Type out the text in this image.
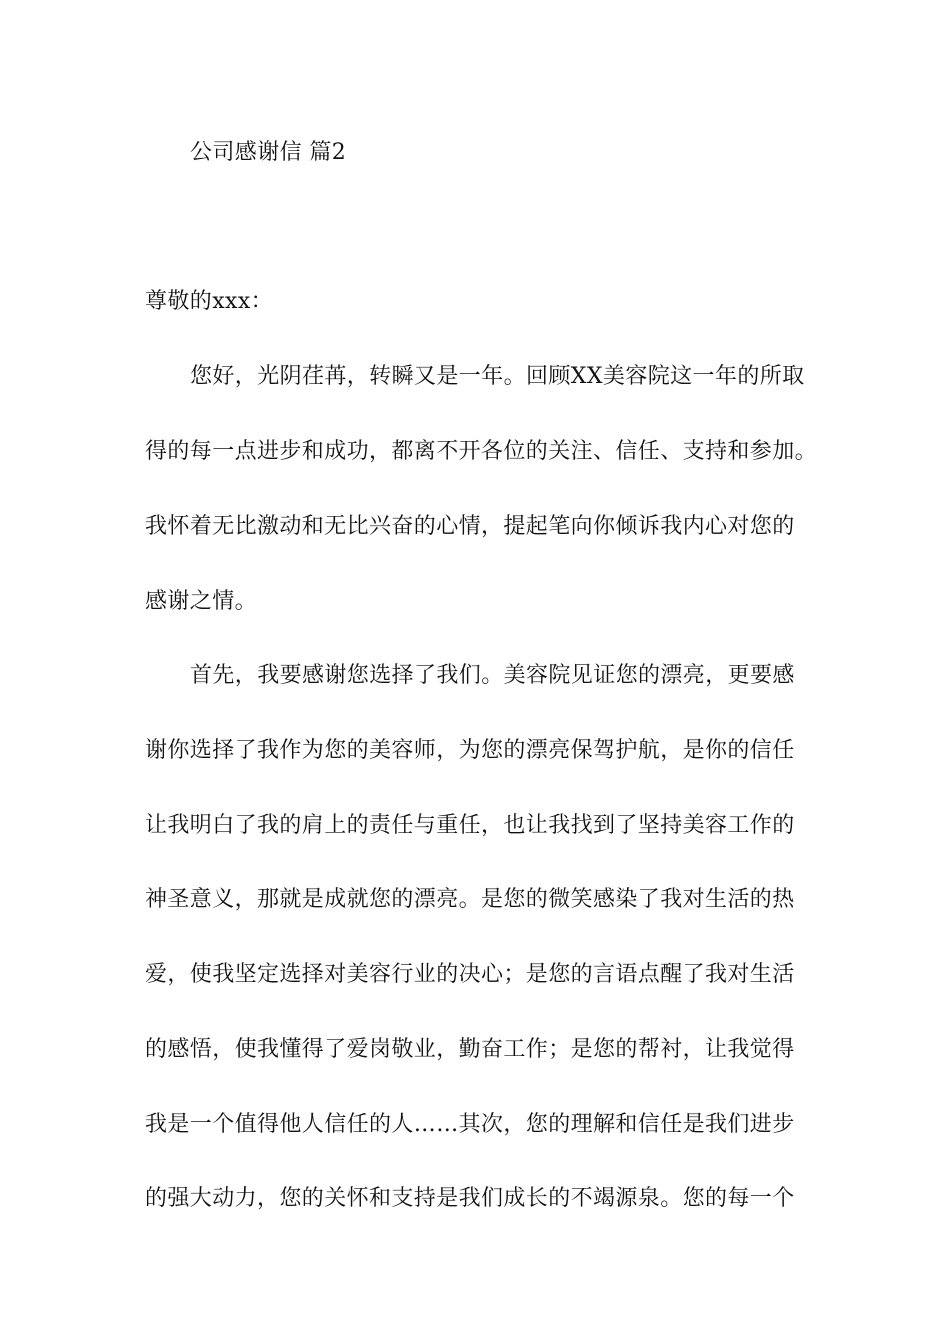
公司感谢信 篇2
尊敬的xxx：
您好，光阴荏苒，转瞬又是一年。回顾XX美容院这一年的所取
得的每一点进步和成功，都离不开各位的关注、信任、支持和参加。
我怀着无比激动和无比兴奋的心情，提起笔向你倾诉我内心对您的
感谢之情。
首先，我要感谢您选择了我们。美容院见证您的漂亮，更要感
谢你选择了我作为您的美容师，为您的漂亮保驾护航，是你的信任
让我明白了我的肩上的责任与重任，也让我找到了坚持美容工作的
神圣意义，那就是成就您的漂亮。是您的微笑感染了我对生活的热
爱，使我坚定选择对美容行业的决心；是您的言语点醒了我对生活
的感悟，使我懂得了爱岗敬业，勤奋工作；是您的帮衬，让我觉得
我是一个值得他人信任的人……其次，您的理解和信任是我们进步
的强大动力，您的关怀和支持是我们成长的不竭源泉。您的每一个
